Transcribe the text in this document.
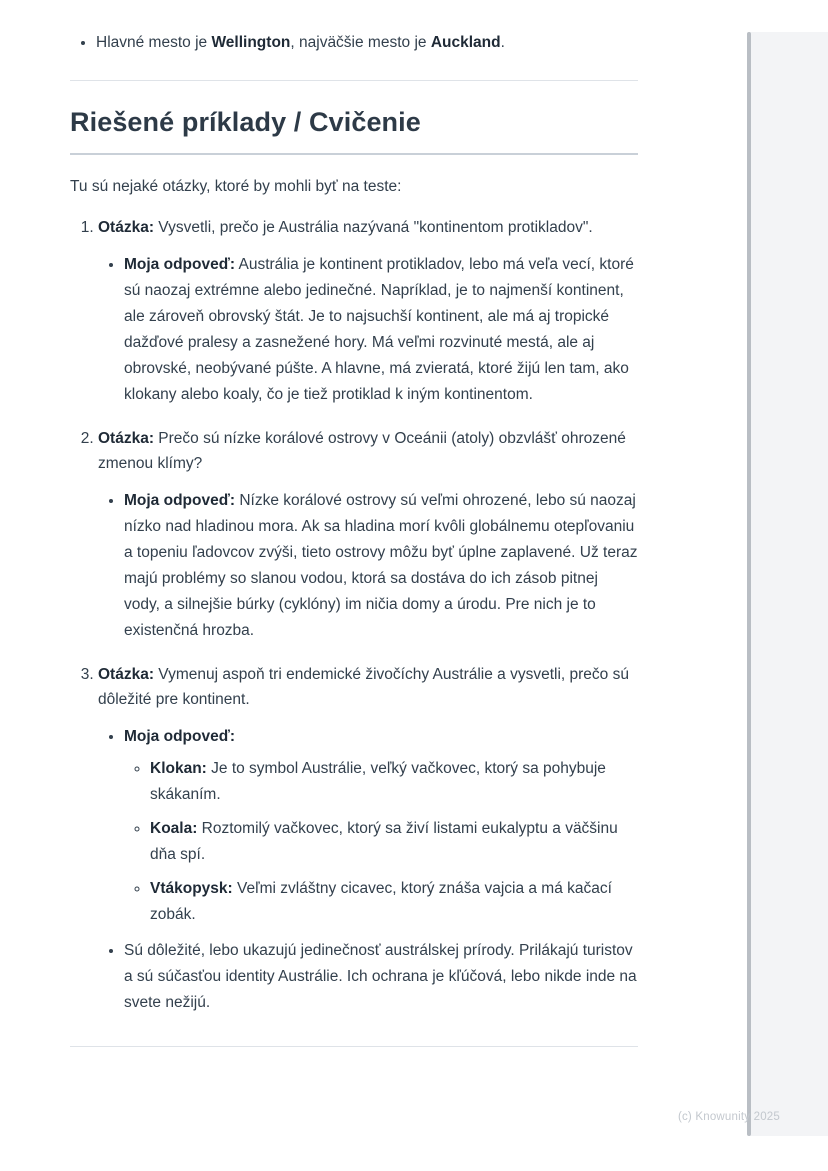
• Hlavné mesto je Wellington, najväčšie mesto je Auckland.
Riešené príklady / Cvičenie

Tu sú nejaké otázky, ktoré by mohli byť na teste:

1. Otázka: Vysvetli, prečo je Austrália nazývaná "kontinentom protikladov".
• Moja odpoveď: Austrália je kontinent protikladov, lebo má veľa vecí, ktoré sú naozaj extrémne alebo jedinečné. Napríklad, je to najmenší kontinent, ale zároveň obrovský štát. Je to najsuchší kontinent, ale má aj tropické dažďové pralesy a zasnežené hory. Má veľmi rozvinuté mestá, ale aj obrovské, neobývané púšte. A hlavne, má zvieratá, ktoré žijú len tam, ako klokany alebo koaly, čo je tiež protiklad k iným kontinentom.
2. Otázka: Prečo sú nízke korálové ostrovy v Oceánii (atoly) obzvlášť ohrozené zmenou klímy?
• Moja odpoveď: Nízke korálové ostrovy sú veľmi ohrozené, lebo sú naozaj nízko nad hladinou mora. Ak sa hladina morí kvôli globálnemu otepľovaniu a topeniu ľadovcov zvýši, tieto ostrovy môžu byť úplne zaplavené. Už teraz majú problémy so slanou vodou, ktorá sa dostáva do ich zásob pitnej vody, a silnejšie búrky (cyklóny) im ničia domy a úrodu. Pre nich je to existenčná hrozba.
3. Otázka: Vymenuj aspoň tri endemické živočíchy Austrálie a vysvetli, prečo sú dôležité pre kontinent.
• Moja odpoveď:
◦ Klokan: Je to symbol Austrálie, veľký vačkovec, ktorý sa pohybuje skákaním.
◦ Koala: Roztomilý vačkovec, ktorý sa živí listami eukalyptu a väčšinu dňa spí.
◦ Vtákopysk: Veľmi zvláštny cicavec, ktorý znáša vajcia a má kačací zobák.
• Sú dôležité, lebo ukazujú jedinečnosť austrálskej prírody. Prilákajú turistov a sú súčasťou identity Austrálie. Ich ochrana je kľúčová, lebo nikde inde na svete nežijú.
(c) Knowunity 2025
